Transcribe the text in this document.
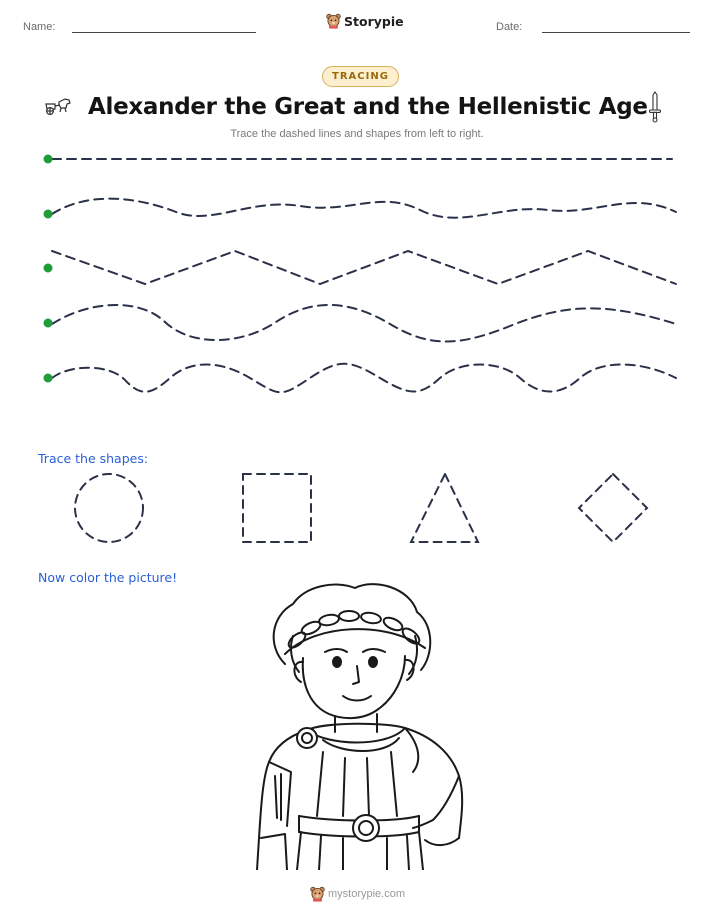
Name:	Storypie	Date:
TRACING
Alexander the Great and the Hellenistic Age
Trace the dashed lines and shapes from left to right.
Trace the shapes:
Now color the picture!
mystorypie.com
